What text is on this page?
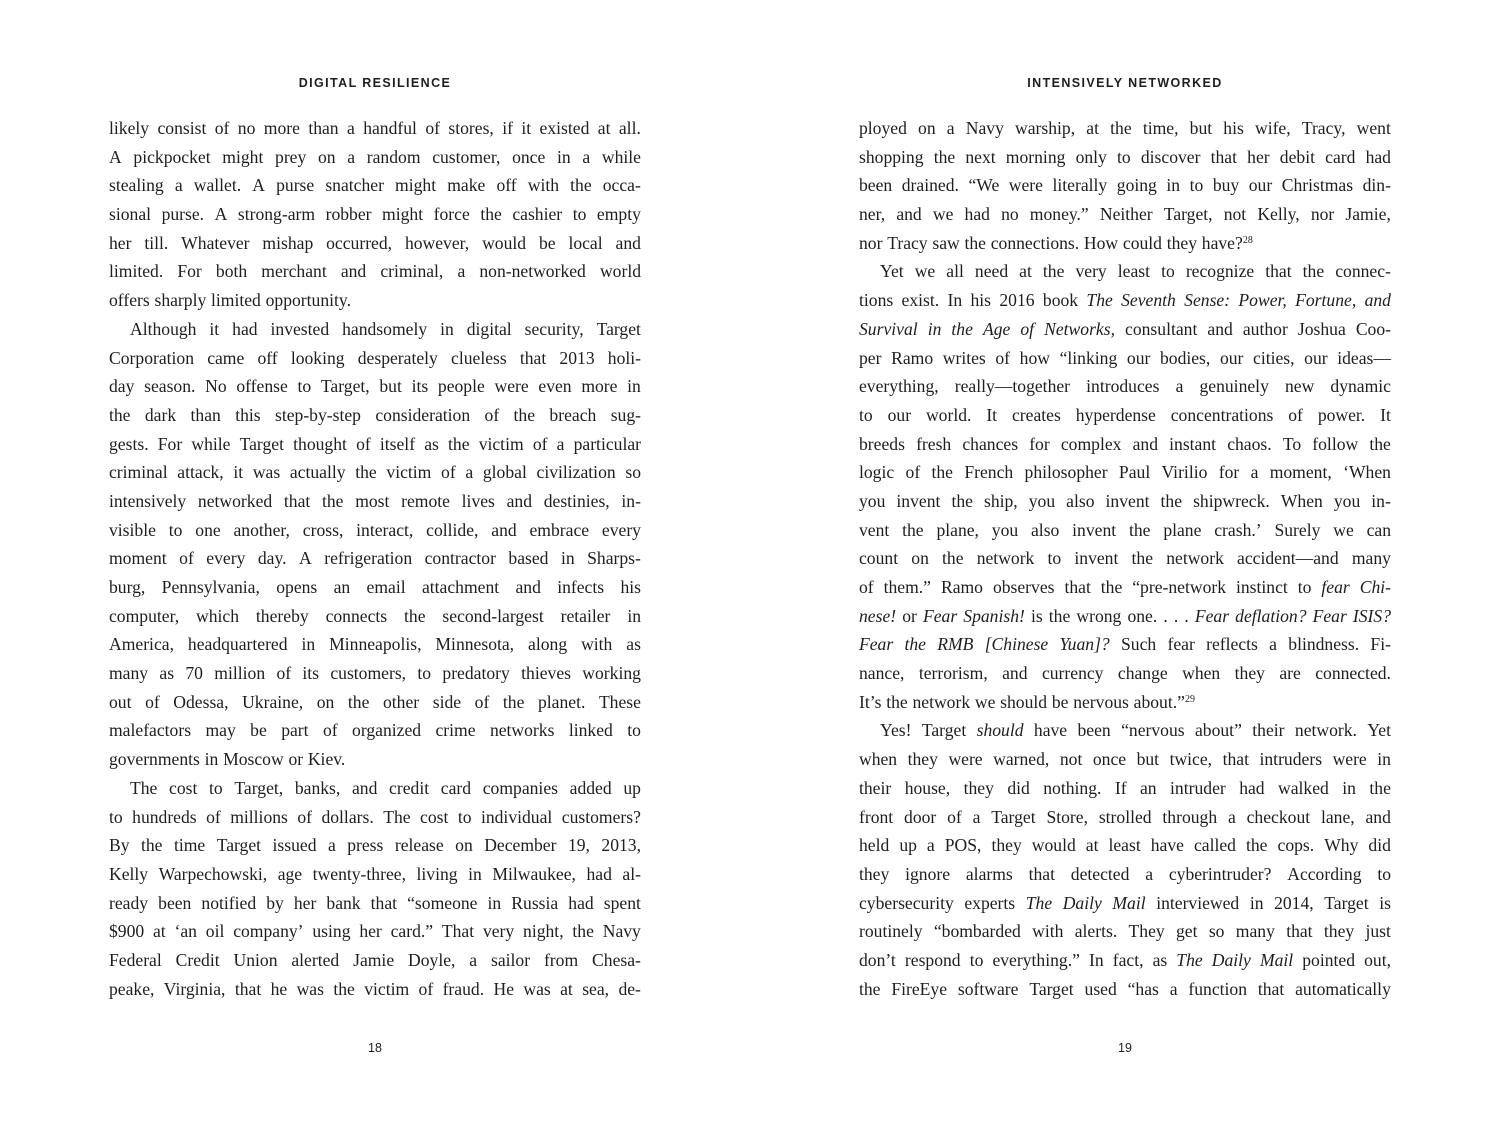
DIGITAL RESILIENCE
likely consist of no more than a handful of stores, if it existed at all.
A pickpocket might prey on a random customer, once in a while
stealing a wallet. A purse snatcher might make off with the occa-
sional purse. A strong-arm robber might force the cashier to empty
her till. Whatever mishap occurred, however, would be local and
limited. For both merchant and criminal, a non-networked world
offers sharply limited opportunity.
Although it had invested handsomely in digital security, Target
Corporation came off looking desperately clueless that 2013 holi-
day season. No offense to Target, but its people were even more in
the dark than this step-by-step consideration of the breach sug-
gests. For while Target thought of itself as the victim of a particular
criminal attack, it was actually the victim of a global civilization so
intensively networked that the most remote lives and destinies, in-
visible to one another, cross, interact, collide, and embrace every
moment of every day. A refrigeration contractor based in Sharps-
burg, Pennsylvania, opens an email attachment and infects his
computer, which thereby connects the second-largest retailer in
America, headquartered in Minneapolis, Minnesota, along with as
many as 70 million of its customers, to predatory thieves working
out of Odessa, Ukraine, on the other side of the planet. These
malefactors may be part of organized crime networks linked to
governments in Moscow or Kiev.
The cost to Target, banks, and credit card companies added up
to hundreds of millions of dollars. The cost to individual customers?
By the time Target issued a press release on December 19, 2013,
Kelly Warpechowski, age twenty-three, living in Milwaukee, had al-
ready been notified by her bank that “someone in Russia had spent
$900 at ‘an oil company’ using her card.” That very night, the Navy
Federal Credit Union alerted Jamie Doyle, a sailor from Chesa-
peake, Virginia, that he was the victim of fraud. He was at sea, de-
18
INTENSIVELY NETWORKED
ployed on a Navy warship, at the time, but his wife, Tracy, went
shopping the next morning only to discover that her debit card had
been drained. “We were literally going in to buy our Christmas din-
ner, and we had no money.” Neither Target, not Kelly, nor Jamie,
nor Tracy saw the connections. How could they have?$^{28}$
Yet we all need at the very least to recognize that the connec-
tions exist. In his 2016 book The Seventh Sense: Power, Fortune, and
Survival in the Age of Networks, consultant and author Joshua Coo-
per Ramo writes of how “linking our bodies, our cities, our ideas—
everything, really—together introduces a genuinely new dynamic
to our world. It creates hyperdense concentrations of power. It
breeds fresh chances for complex and instant chaos. To follow the
logic of the French philosopher Paul Virilio for a moment, ‘When
you invent the ship, you also invent the shipwreck. When you in-
vent the plane, you also invent the plane crash.’ Surely we can
count on the network to invent the network accident—and many
of them.” Ramo observes that the “pre-network instinct to fear Chi-
nese! or Fear Spanish! is the wrong one. . . . Fear deflation? Fear ISIS?
Fear the RMB [Chinese Yuan]? Such fear reflects a blindness. Fi-
nance, terrorism, and currency change when they are connected.
It’s the network we should be nervous about.”$^{29}$
Yes! Target should have been “nervous about” their network. Yet
when they were warned, not once but twice, that intruders were in
their house, they did nothing. If an intruder had walked in the
front door of a Target Store, strolled through a checkout lane, and
held up a POS, they would at least have called the cops. Why did
they ignore alarms that detected a cyberintruder? According to
cybersecurity experts The Daily Mail interviewed in 2014, Target is
routinely “bombarded with alerts. They get so many that they just
don’t respond to everything.” In fact, as The Daily Mail pointed out,
the FireEye software Target used “has a function that automatically
19
